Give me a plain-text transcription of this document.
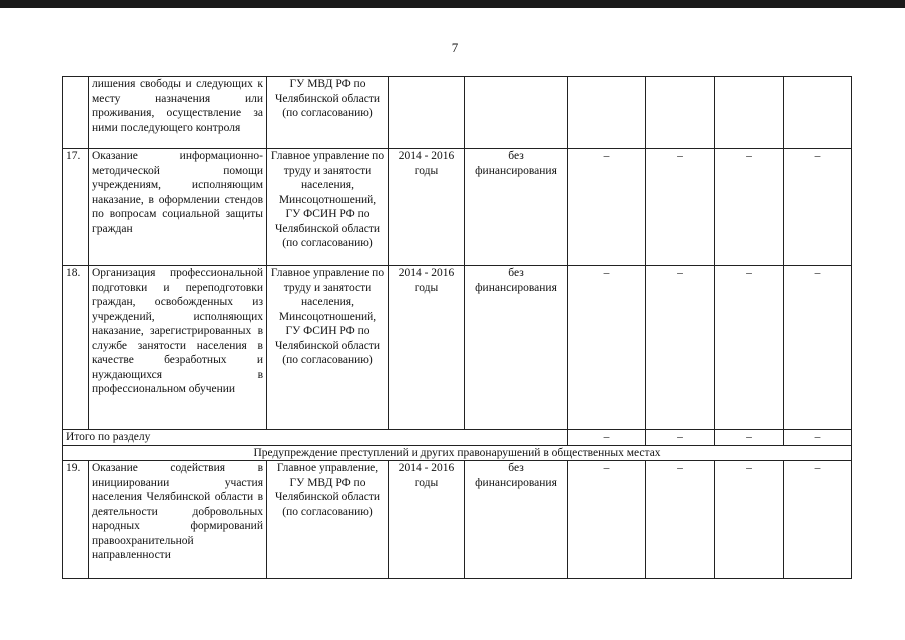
7
	лишения свободы и следующих к месту назначения или проживания, осуществление за ними последующего контроля	ГУ МВД РФ по Челябинской области (по согласованию)						
17.	Оказание информационно-методической помощи учреждениям, исполняющим наказание, в оформлении стендов по вопросам социальной защиты граждан	Главное управление по труду и занятости населения, Минсоцотношений, ГУ ФСИН РФ по Челябинской области (по согласованию)	2014 - 2016 годы	без финансирования	–	–	–	–
18.	Организация профессиональной подготовки и переподготовки граждан, освобожденных из учреждений, исполняющих наказание, зарегистрированных в службе занятости населения в качестве безработных и нуждающихся в профессиональном обучении	Главное управление по труду и занятости населения, Минсоцотношений, ГУ ФСИН РФ по Челябинской области (по согласованию)	2014 - 2016 годы	без финансирования	–	–	–	–
Итого по разделу					–	–	–	–
Предупреждение преступлений и других правонарушений в общественных местах								
19.	Оказание содействия в инициировании участия населения Челябинской области в деятельности добровольных народных формирований правоохранительной направленности	Главное управление, ГУ МВД РФ по Челябинской области (по согласованию)	2014 - 2016 годы	без финансирования	–	–	–	–
